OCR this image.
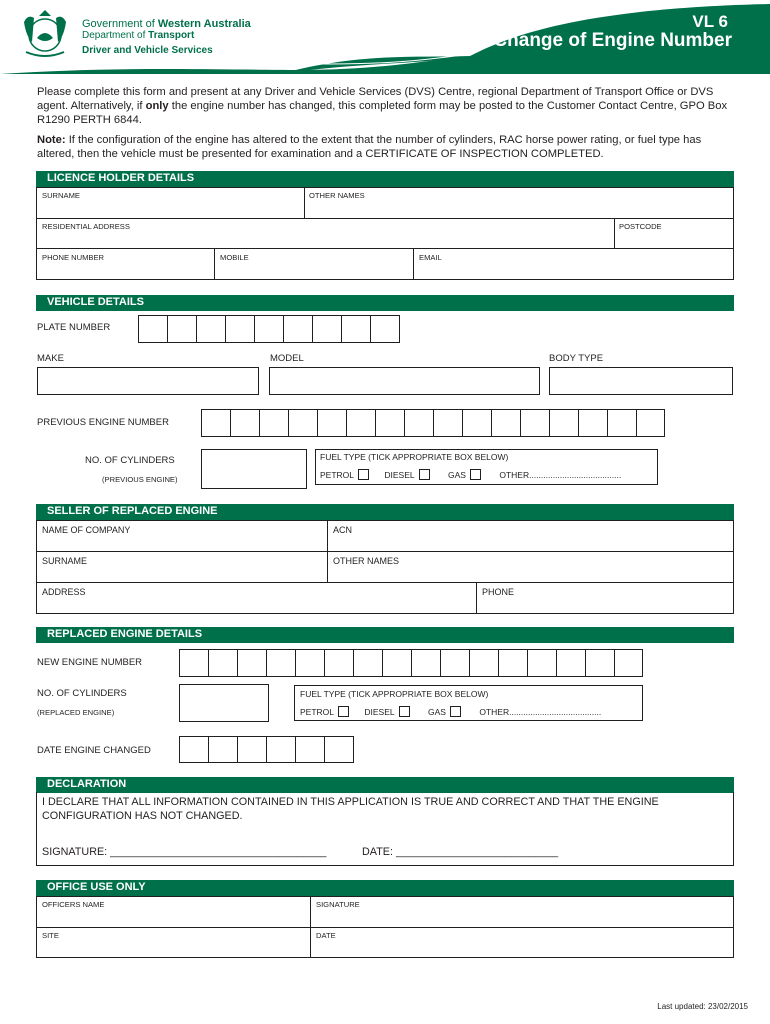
Government of Western Australia
Department of Transport
Driver and Vehicle Services
VL 6
Change of Engine Number
Road Traffic (Vehicles) Regulations 2014
Please complete this form and present at any Driver and Vehicle Services (DVS) Centre, regional Department of Transport Office or DVS agent. Alternatively, if only the engine number has changed, this completed form may be posted to the Customer Contact Centre, GPO Box R1290 PERTH 6844.
Note: If the configuration of the engine has altered to the extent that the number of cylinders, RAC horse power rating, or fuel type has altered, then the vehicle must be presented for examination and a CERTIFICATE OF INSPECTION COMPLETED.
LICENCE HOLDER DETAILS
SURNAME	OTHER NAMES
RESIDENTIAL ADDRESS	POSTCODE
PHONE NUMBER	MOBILE	EMAIL
VEHICLE DETAILS
PLATE NUMBER
MAKE	MODEL	BODY TYPE
PREVIOUS ENGINE NUMBER
NO. OF CYLINDERS
(PREVIOUS ENGINE)
FUEL TYPE (TICK APPROPRIATE BOX BELOW)
PETROL	DIESEL	GAS	OTHER.......................................
SELLER OF REPLACED ENGINE
NAME OF COMPANY	ACN
SURNAME	OTHER NAMES
ADDRESS	PHONE
REPLACED ENGINE DETAILS
NEW ENGINE NUMBER
NO. OF CYLINDERS
(REPLACED ENGINE)
FUEL TYPE (TICK APPROPRIATE BOX BELOW)
PETROL	DIESEL	GAS	OTHER.......................................
DATE ENGINE CHANGED
DECLARATION
I DECLARE THAT ALL INFORMATION CONTAINED IN THIS APPLICATION IS TRUE AND CORRECT AND THAT THE ENGINE CONFIGURATION HAS NOT CHANGED.
SIGNATURE: ____________________________________	DATE: ___________________________
OFFICE USE ONLY
OFFICERS NAME	SIGNATURE
SITE	DATE
Last updated: 23/02/2015
